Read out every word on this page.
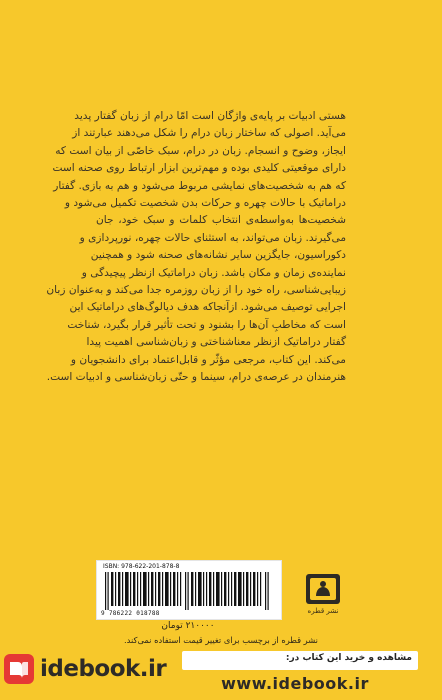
هستی ادبیات بر پایه‌ی واژگان است امّا درام از زبان گفتار پدید
می‌آید. اصولی که ساختار زبان درام را شکل می‌دهند عبارتند از
ایجاز، وضوح و انسجام. زبان در درام، سبک خاصّی از بیان است که
دارای موقعیتی کلیدی بوده و مهم‌ترین ابزار ارتباط روی صحنه است
که هم به شخصیت‌های نمایشی مربوط می‌شود و هم به بازی. گفتار
دراماتیک با حالات چهره و حرکات بدن شخصیت تکمیل می‌شود و
شخصیت‌ها به‌واسطه‌ی انتخاب کلمات و سبک خود، جان
می‌گیرند. زبان می‌تواند، به استثنای حالات چهره، نورپردازی و
دکوراسیون، جایگزین سایر نشانه‌های صحنه شود و همچنین
نماینده‌ی زمان و مکان باشد. زبان دراماتیک ازنظر پیچیدگی و
زیبایی‌شناسی، راه خود را از زبان روزمره جدا می‌کند و به‌عنوان زبان
اجرایی توصیف می‌شود. ازآنجاکه هدف دیالوگ‌های دراماتیک این
است که مخاطبِ آن‌ها را بشنود و تحت تأثیر قرار بگیرد، شناخت
گفتار دراماتیک ازنظر معناشناختی و زبان‌شناسی اهمیت پیدا
می‌کند. این کتاب، مرجعی مؤثّر و قابل‌اعتماد برای دانشجویان و
هنرمندان در عرصه‌ی درام، سینما و حتّی زبان‌شناسی و ادبیات است.
ISBN: 978-622-201-878-8
9 786222 018788	نشر قطره
۲۱۰۰۰۰ تومان
نشر قطره از برچسب برای تغییر قیمت استفاده نمی‌کند.
idebook.ir	مشاهده و خرید این کتاب در:
www.idebook.ir
